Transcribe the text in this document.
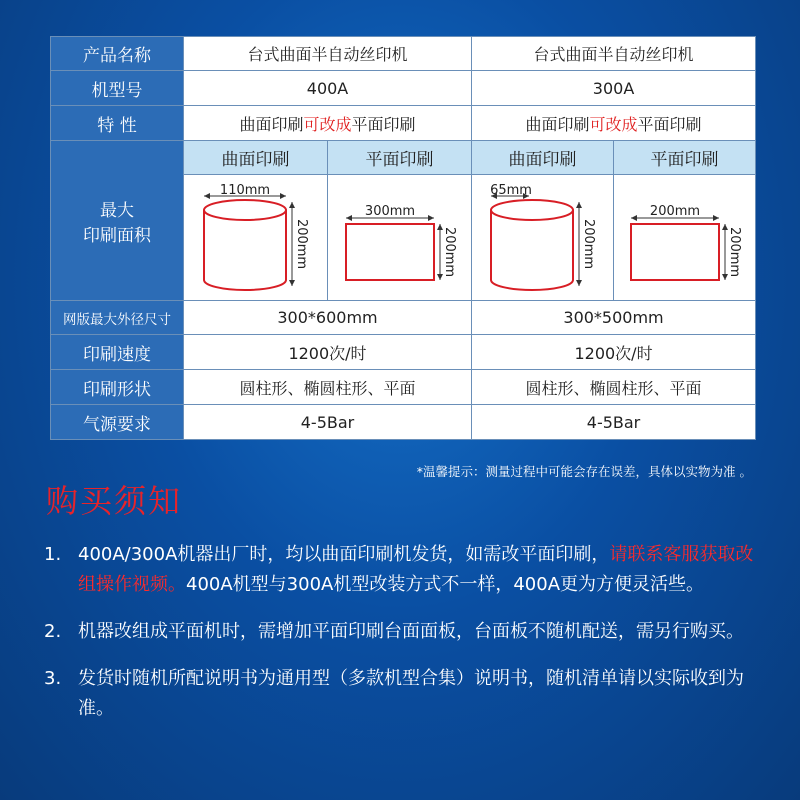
产品名称	台式曲面半自动丝印机		台式曲面半自动丝印机	
机型号	400A		300A	
特 性	曲面印刷可改成平面印刷		曲面印刷可改成平面印刷	

最大
印刷面积	曲面印刷	平面印刷	曲面印刷	平面印刷

110mm
200mm	300mm
200mm	65mm
200mm	200mm
200mm

网版最大外径尺寸	300*600mm		300*500mm	
印刷速度	1200次/时		1200次/时	
印刷形状	圆柱形、椭圆柱形、平面		圆柱形、椭圆柱形、平面	
气源要求	4-5Bar		4-5Bar	
*温馨提示：测量过程中可能会存在误差，具体以实物为准 。
购买须知
1. 400A/300A机器出厂时，均以曲面印刷机发货，如需改平面印刷，请联系客服获取改组操作视频。400A机型与300A机型改装方式不一样，400A更为方便灵活些。
2. 机器改组成平面机时，需增加平面印刷台面面板，台面板不随机配送，需另行购买。
3. 发货时随机所配说明书为通用型（多款机型合集）说明书，随机清单请以实际收到为准。
